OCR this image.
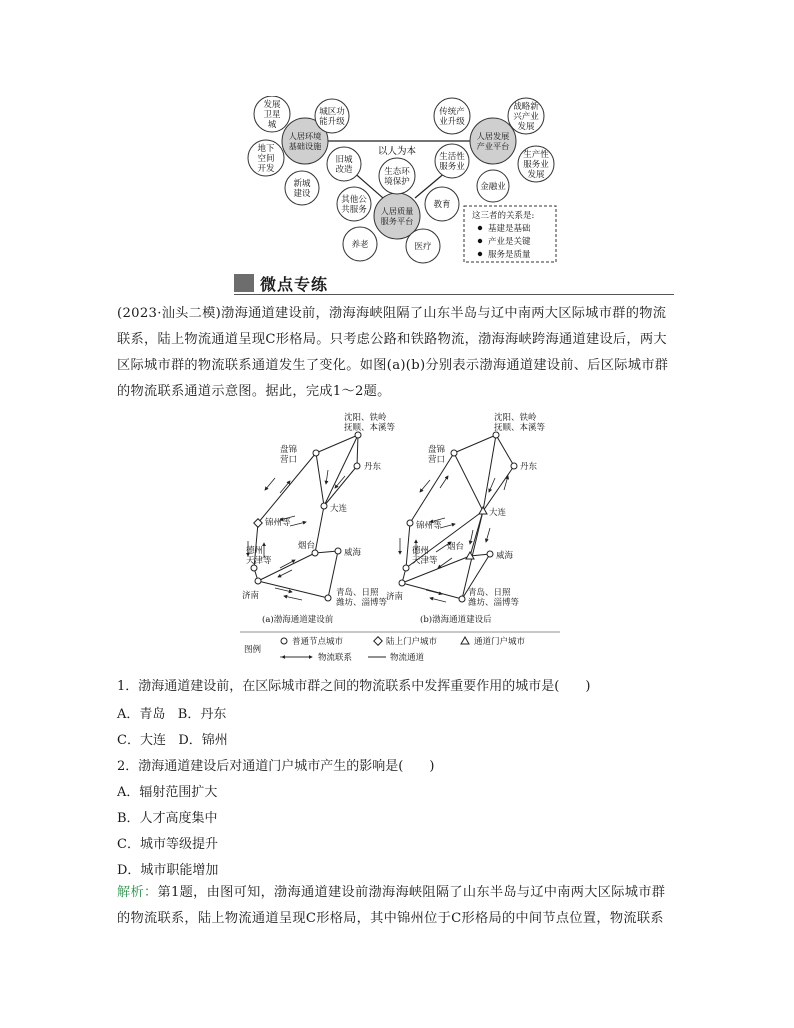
以人为本
人居环境基础设施
发展卫星城
城区功能升级
地下空间开发
旧城改造
新城建设
人居发展产业平台
传统产业升级
战略新兴产业发展
生活性服务业
生产性服务业发展
金融业
人居质量服务平台
生态环境保护
其他公共服务	教育
养老	医疗
这三者的关系是:
基建是基础
产业是关键
服务是质量
微点专练
(2023·汕头二模)渤海通道建设前，渤海海峡阻隔了山东半岛与辽中南两大区际城市群的物流
联系，陆上物流通道呈现C形格局。只考虑公路和铁路物流，渤海海峡跨海通道建设后，两大
区际城市群的物流联系通道发生了变化。如图(a)(b)分别表示渤海通道建设前、后区际城市群
的物流联系通道示意图。据此，完成1～2题。
沈阳、铁岭抚顺、本溪等
盘锦营口
丹东
大连
锦州等
德州天津等
烟台
威海
济南	青岛、日照潍坊、淄博等
(a)渤海通道建设前
沈阳、铁岭抚顺、本溪等
盘锦营口
丹东
大连
锦州等
德州天津等
烟台
威海
济南	青岛、日照潍坊、淄博等
(b)渤海通道建设后
图例
普通节点城市	陆上门户城市	通道门户城市
物流联系	物流通道
1．渤海通道建设前，在区际城市群之间的物流联系中发挥重要作用的城市是(　　)
A．青岛 B．丹东
C．大连 D．锦州
2．渤海通道建设后对通道门户城市产生的影响是(　　)
A．辐射范围扩大
B．人才高度集中
C．城市等级提升
D．城市职能增加
解析：第1题，由图可知，渤海通道建设前渤海海峡阻隔了山东半岛与辽中南两大区际城市群
的物流联系，陆上物流通道呈现C形格局，其中锦州位于C形格局的中间节点位置，物流联系
